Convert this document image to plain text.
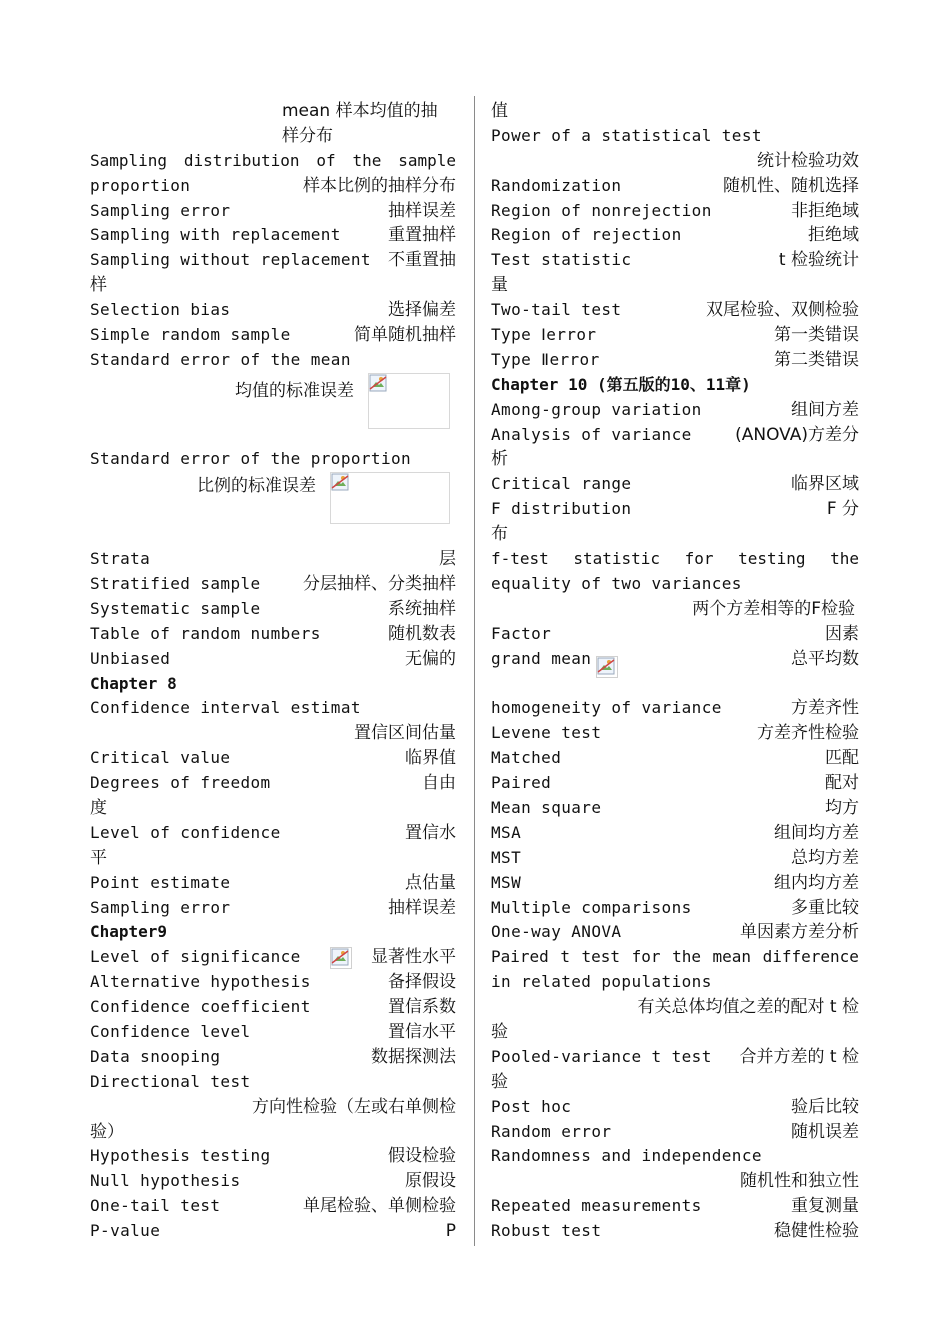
mean 样本均值的抽
样分布
Sampling distribution of the sample
proportion	样本比例的抽样分布
Sampling error	抽样误差
Sampling with replacement	重置抽样
Sampling without replacement 不重置抽
样
Selection bias	选择偏差
Simple random sample	简单随机抽样
Standard error of the mean
均值的标准误差
Standard error of the proportion
比例的标准误差
Strata	层
Stratified sample 分层抽样、分类抽样
Systematic sample	系统抽样
Table of random numbers	随机数表
Unbiased	无偏的
Chapter 8
Confidence interval estimat
置信区间估量
Critical value	临界值
Degrees of freedom	自由
度
Level of confidence	置信水
平
Point estimate	点估量
Sampling error	抽样误差
Chapter9
Level of significance	显著性水平
Alternative hypothesis	备择假设
Confidence coefficient	置信系数
Confidence level	置信水平
Data snooping	数据探测法
Directional test
方向性检验（左或右单侧检
验）
Hypothesis testing	假设检验
Null hypothesis	原假设
One-tail test	单尾检验、单侧检验
P-value	P
值
Power of a statistical test
统计检验功效
Randomization	随机性、随机选择
Region of nonrejection	非拒绝域
Region of rejection	拒绝域
Test statistic	t 检验统计
量
Two-tail test	双尾检验、双侧检验
Type Ⅰerror	第一类错误
Type Ⅱerror	第二类错误
Chapter 10 (第五版的10、11章)
Among-group variation	组间方差
Analysis of variance	(ANOVA)方差分
析
Critical range	临界区域
F distribution	F 分
布
f-test statistic for testing the
equality of two variances
两个方差相等的F检验
Factor	因素
grand mean	总平均数
homogeneity of variance	方差齐性
Levene test	方差齐性检验
Matched	匹配
Paired	配对
Mean square	均方
MSA	组间均方差
MST	总均方差
MSW	组内均方差
Multiple comparisons	多重比较
One-way ANOVA	单因素方差分析
Paired t test for the mean difference
in related populations
有关总体均值之差的配对 t 检
验
Pooled-variance t test 合并方差的 t 检
验
Post hoc	验后比较
Random error	随机误差
Randomness and independence
随机性和独立性
Repeated measurements	重复测量
Robust test	稳健性检验
